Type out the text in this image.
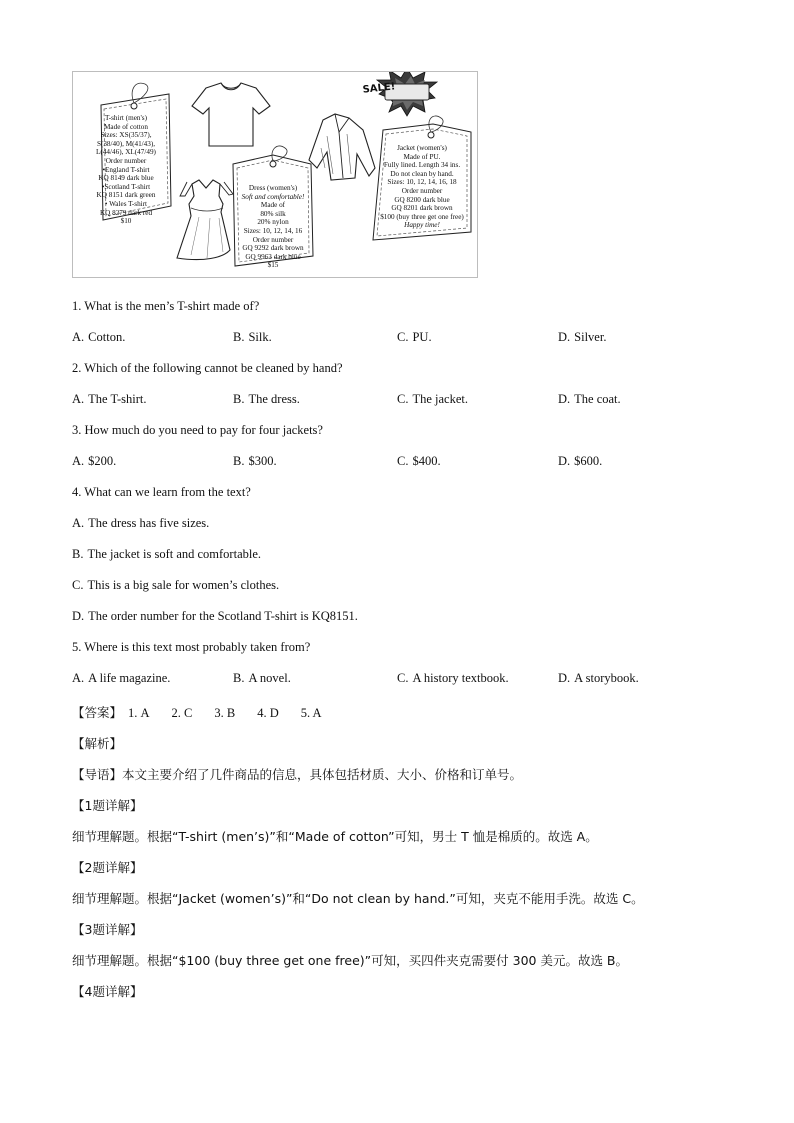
SALE!
T-shirt (men's)
Made of cotton
Sizes: XS(35/37),
S(38/40), M(41/43),
L(44/46), XL(47/49)
Order number
•England T-shirt
KQ 8149 dark blue
•Scotland T-shirt
KQ 8151 dark green
• Wales T-shirt
KQ 8279 dark red
$10
Dress (women's)
Soft and comfortable!
Made of
80% silk
20% nylon
Sizes: 10, 12, 14, 16
Order number
GQ 9292 dark brown
GQ 9963 dark blue
$15
Jacket (women's)
Made of PU.
Fully lined. Length 34 ins.
Do not clean by hand.
Sizes: 10, 12, 14, 16, 18
Order number
GQ 8200 dark blue
GQ 8201 dark brown
$100 (buy three get one free)
Happy time!
1. What is the men’s T-shirt made of?
A. Cotton.	B. Silk.	C. PU.	D. Silver.
2. Which of the following cannot be cleaned by hand?
A. The T-shirt.	B. The dress.	C. The jacket.	D. The coat.
3. How much do you need to pay for four jackets?
A. $200.	B. $300.	C. $400.	D. $600.
4. What can we learn from the text?
A. The dress has five sizes.
B. The jacket is soft and comfortable.
C. This is a big sale for women’s clothes.
D. The order number for the Scotland T-shirt is KQ8151.
5. Where is this text most probably taken from?
A. A life magazine.	B. A novel.	C. A history textbook.	D. A storybook.
【答案】 1. A 2. C 3. B 4. D 5. A
【解析】
【导语】本文主要介绍了几件商品的信息，具体包括材质、大小、价格和订单号。
【1题详解】
细节理解题。根据“T-shirt (men’s)”和“Made of cotton”可知，男士 T 恤是棉质的。故选 A。
【2题详解】
细节理解题。根据“Jacket (women’s)”和“Do not clean by hand.”可知，夹克不能用手洗。故选 C。
【3题详解】
细节理解题。根据“$100 (buy three get one free)”可知，买四件夹克需要付 300 美元。故选 B。
【4题详解】
